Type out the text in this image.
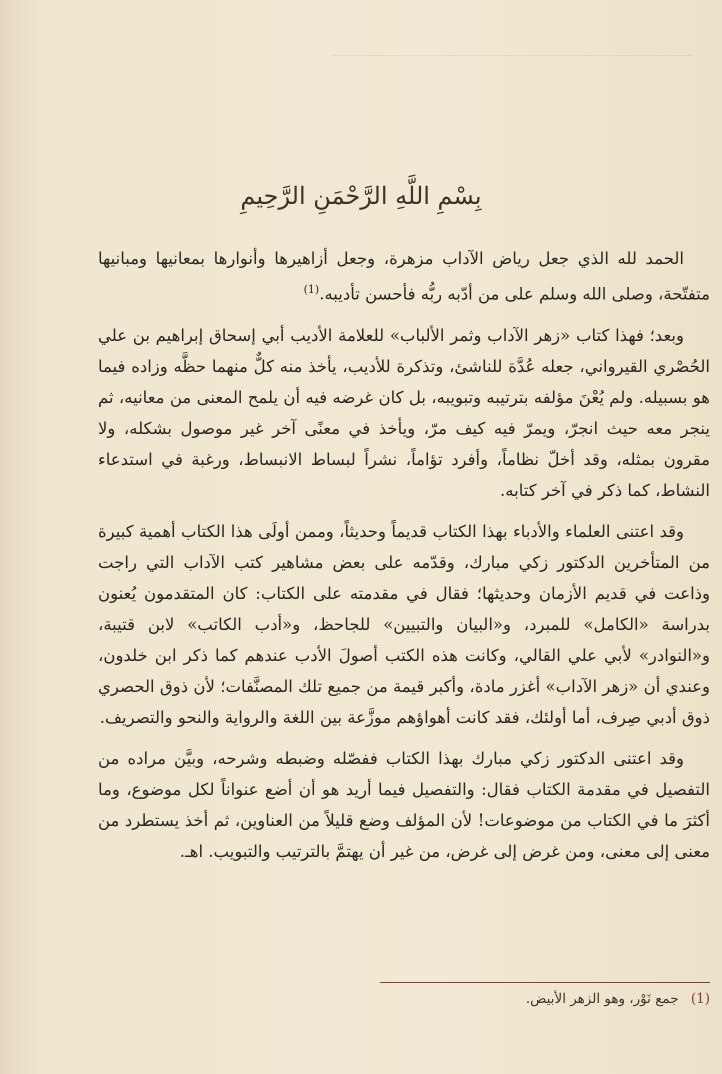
بِسْمِ اللَّهِ الرَّحْمَنِ الرَّحِيمِ

الحمد لله الذي جعل رياض الآداب مزهرة، وجعل أزاهيرها وأنوارها بمعانيها ومبانيها متفتّحة، وصلى الله وسلم على من أدّبه ربُّه فأحسن تأديبه.$^{(1)}$

وبعد؛ فهذا كتاب «زهر الآداب وثمر الألباب» للعلامة الأديب أبي إسحاق إبراهيم بن علي الحُصْري القيرواني، جعله عُدَّة للناشئ، وتذكرة للأديب، يأخذ منه كلٌّ منهما حظَّه وزاده فيما هو بسبيله. ولم يُعْنَ مؤلفه بترتيبه وتبويبه، بل كان غرضه فيه أن يلمح المعنى من معانيه، ثم ينجر معه حيث انجرّ، ويمرّ فيه كيف مرّ، ويأخذ في معنًى آخر غير موصول بشكله، ولا مقرون بمثله، وقد أخلّ نظاماً، وأفرد تؤاماً، نشراً لبساط الانبساط، ورغبة في استدعاء النشاط، كما ذكر في آخر كتابه.

وقد اعتنى العلماء والأدباء بهذا الكتاب قديماً وحديثاً، وممن أولَى هذا الكتاب أهمية كبيرة من المتأخرين الدكتور زكي مبارك، وقدّمه على بعض مشاهير كتب الآداب التي راجت وذاعت في قديم الأزمان وحديثها؛ فقال في مقدمته على الكتاب: كان المتقدمون يُعنون بدراسة «الكامل» للمبرد، و«البيان والتبيين» للجاحظ، و«أدب الكاتب» لابن قتيبة، و«النوادر» لأبي علي القالي، وكانت هذه الكتب أصولَ الأدب عندهم كما ذكر ابن خلدون، وعندي أن «زهر الآداب» أغزر مادة، وأكبر قيمة من جميع تلك المصنَّفات؛ لأن ذوق الحصري ذوق أدبي صِرف، أما أولئك، فقد كانت أهواؤهم موزَّعة بين اللغة والرواية والنحو والتصريف.

وقد اعتنى الدكتور زكي مبارك بهذا الكتاب ففصّله وضبطه وشرحه، وبيَّن مراده من التفصيل في مقدمة الكتاب فقال: والتفصيل فيما أريد هو أن أضع عنواناً لكل موضوع، وما أكثرَ ما في الكتاب من موضوعات! لأن المؤلف وضع قليلاً من العناوين، ثم أخذ يستطرد من معنى إلى معنى، ومن غرض إلى غرض، من غير أن يهتمَّ بالترتيب والتبويب. اهـ.

(1) جمع نَوْر، وهو الزهر الأبيض.
